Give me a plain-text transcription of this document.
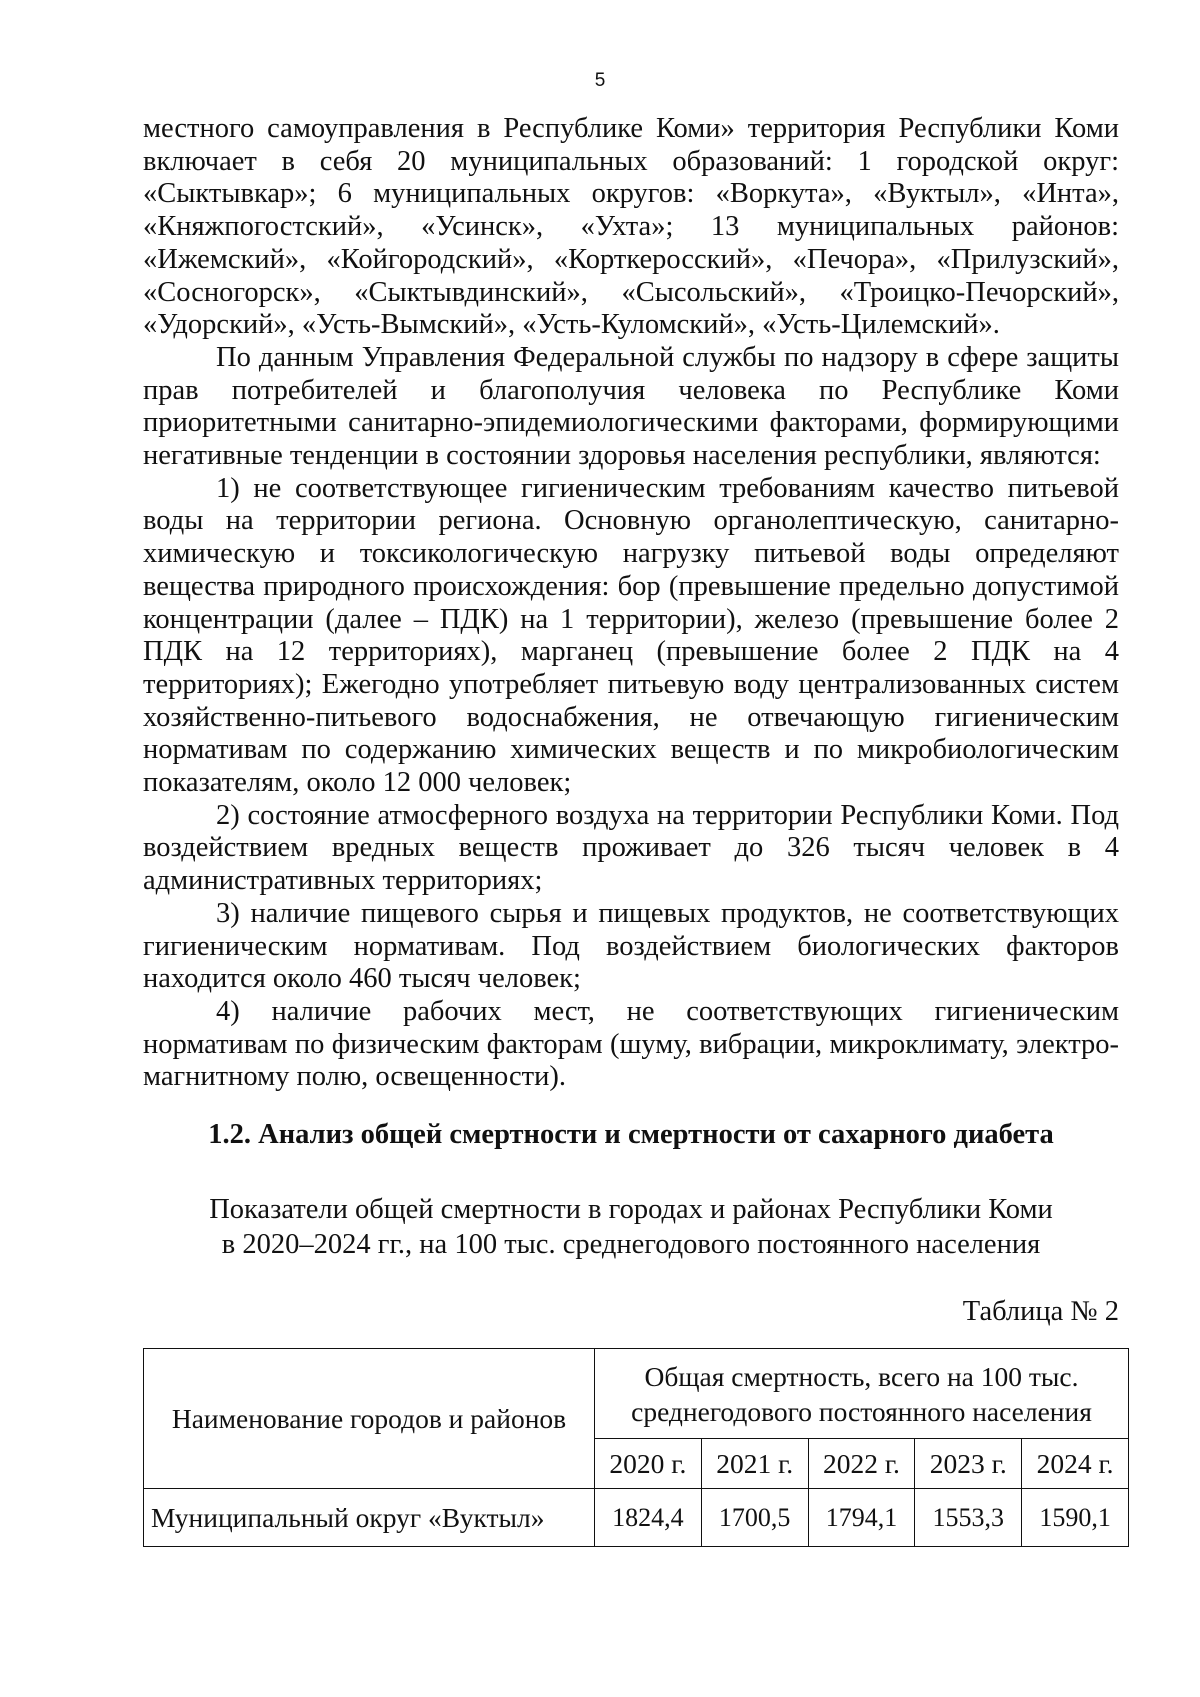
5

местного самоуправления в Республике Коми» территория Республики Коми включает в себя 20 муниципальных образований: 1 городской округ: «Сыктывкар»; 6 муниципальных округов: «Воркута», «Вуктыл», «Инта», «Княжпогостский», «Усинск», «Ухта»; 13 муниципальных районов: «Ижемский», «Койгородский», «Корткеросский», «Печора», «Прилузский», «Сосногорск», «Сыктывдинский», «Сысольский», «Троицко-Печорский», «Удорский», «Усть-Вымский», «Усть-Куломский», «Усть-Цилемский».

По данным Управления Федеральной службы по надзору в сфере защиты прав потребителей и благополучия человека по Республике Коми приоритетными санитарно-эпидемиологическими факторами, формирующими негативные тенденции в состоянии здоровья населения республики, являются:

1) не соответствующее гигиеническим требованиям качество питьевой воды на территории региона. Основную органолептическую, санитарно-химическую и токсикологическую нагрузку питьевой воды определяют вещества природного происхождения: бор (превышение предельно допустимой концентрации (далее – ПДК) на 1 территории), железо (превышение более 2 ПДК на 12 территориях), марганец (превышение более 2 ПДК на 4 территориях); Ежегодно употребляет питьевую воду централизованных систем хозяйственно-питьевого водоснабжения, не отвечающую гигиеническим нормативам по содержанию химических веществ и по микробиологическим показателям, около 12 000 человек;

2) состояние атмосферного воздуха на территории Республики Коми. Под воздействием вредных веществ проживает до 326 тысяч человек в 4 административных территориях;

3) наличие пищевого сырья и пищевых продуктов, не соответствующих гигиеническим нормативам. Под воздействием биологических факторов находится около 460 тысяч человек;

4) наличие рабочих мест, не соответствующих гигиеническим нормативам по физическим факторам (шуму, вибрации, микроклимату, электро-магнитному полю, освещенности).

1.2. Анализ общей смертности и смертности от сахарного диабета

Показатели общей смертности в городах и районах Республики Коми
в 2020–2024 гг., на 100 тыс. среднегодового постоянного населения

Таблица № 2

Наименование городов и районов	Общая смертность, всего на 100 тыс.
среднегодового постоянного населения				
	2020 г.	2021 г.	2022 г.	2023 г.	2024 г.
Муниципальный округ «Вуктыл»	1824,4	1700,5	1794,1	1553,3	1590,1
